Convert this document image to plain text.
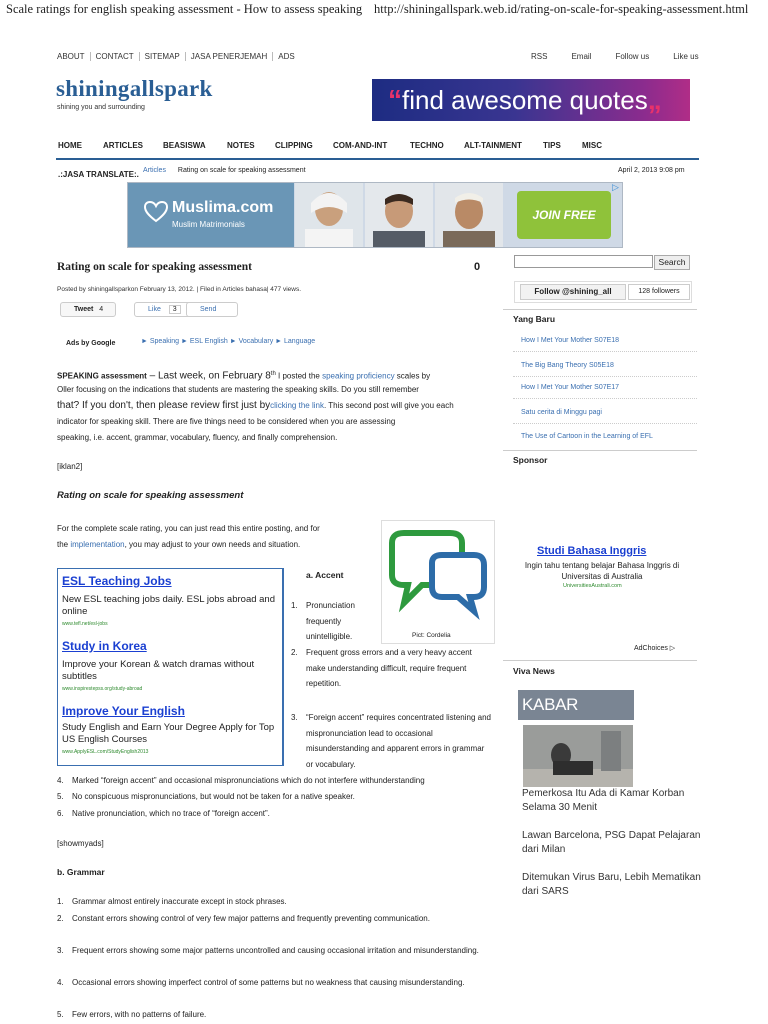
Scale ratings for english speaking assessment - How to assess speaking http://shiningallspark.web.id/rating-on-scale-for-speaking-assessment.html
ABOUT CONTACT SITEMAP JASA PENERJEMAH ADS	RSS	Email	Follow us	Like us
shiningallspark
shining you and surrounding	“find awesome quotes„
HOME	ARTICLES	BEASISWA	NOTES	CLIPPING	COM-AND-INT	TECHNO	ALT-TAINMENT	TIPS	MISC
.:JASA TRANSLATE:. Articles Rating on scale for speaking assessment	April 2, 2013 9:08 pm
Muslima.com
Muslim Matrimonials
JOIN FREE NOW
▷
Rating on scale for speaking assessment	0
Posted by shiningallsparkon February 13, 2012. | Filed in Articles bahasa| 477 views.
Tweet 4	Like 3	Send
Ads by Google	► Speaking ► ESL English ► Vocabulary ► Language
SPEAKING assessment – Last week, on February 8th I posted the speaking proficiency scales by
Oller focusing on the indications that students are mastering the speaking skills. Do you still remember
that? If you don't, then please review first just byclicking the link. This second post will give you each
indicator for speaking skill. There are five things need to be considered when you are assessing
speaking, i.e. accent, grammar, vocabulary, fluency, and finally comprehension.
[iklan2]
Rating on scale for speaking assessment
For the complete scale rating, you can just read this entire posting, and for
the implementation, you may adjust to your own needs and situation.
Pict: Cordelia
ESL Teaching Jobs
New ESL teaching jobs daily. ESL jobs abroad and online
www.tefl.net/esl-jobs
Study in Korea
Improve your Korean & watch dramas without subtitles
www.inspirestepss.org/study-abroad
Improve Your English
Study English and Earn Your Degree Apply for Top US English Courses
www.ApplyESL.com/StudyEnglish2013
a. Accent
1. Pronunciation frequently unintelligible.
2. Frequent gross errors and a very heavy accent make understanding difficult, require frequent repetition.
3. “Foreign accent” requires concentrated listening and mispronunciation lead to occasional misunderstanding and apparent errors in grammar or vocabulary.
4. Marked “foreign accent” and occasional mispronunciations which do not interfere withunderstanding
5. No conspicuous mispronunciations, but would not be taken for a native speaker.
6. Native pronunciation, which no trace of “foreign accent”.
[showmyads]
b. Grammar
1. Grammar almost entirely inaccurate except in stock phrases.
2. Constant errors showing control of very few major patterns and frequently preventing communication.
3. Frequent errors showing some major patterns uncontrolled and causing occasional irritation and misunderstanding.
4. Occasional errors showing imperfect control of some patterns but no weakness that causing misunderstanding.
5. Few errors, with no patterns of failure.
Search
Follow @shining_all	128 followers
Yang Baru
How I Met Your Mother S07E18
The Big Bang Theory S05E18
How I Met Your Mother S07E17
Satu cerita di Minggu pagi
The Use of Cartoon in the Learning of EFL
Sponsor
Studi Bahasa Inggris
Ingin tahu tentang belajar Bahasa Inggris di Universitas di Australia
UniversitiesAustrali.com
AdChoices ▷
Viva News
KABAR
Pemerkosa Itu Ada di Kamar Korban Selama 30 Menit
Lawan Barcelona, PSG Dapat Pelajaran dari Milan
Ditemukan Virus Baru, Lebih Mematikan dari SARS
